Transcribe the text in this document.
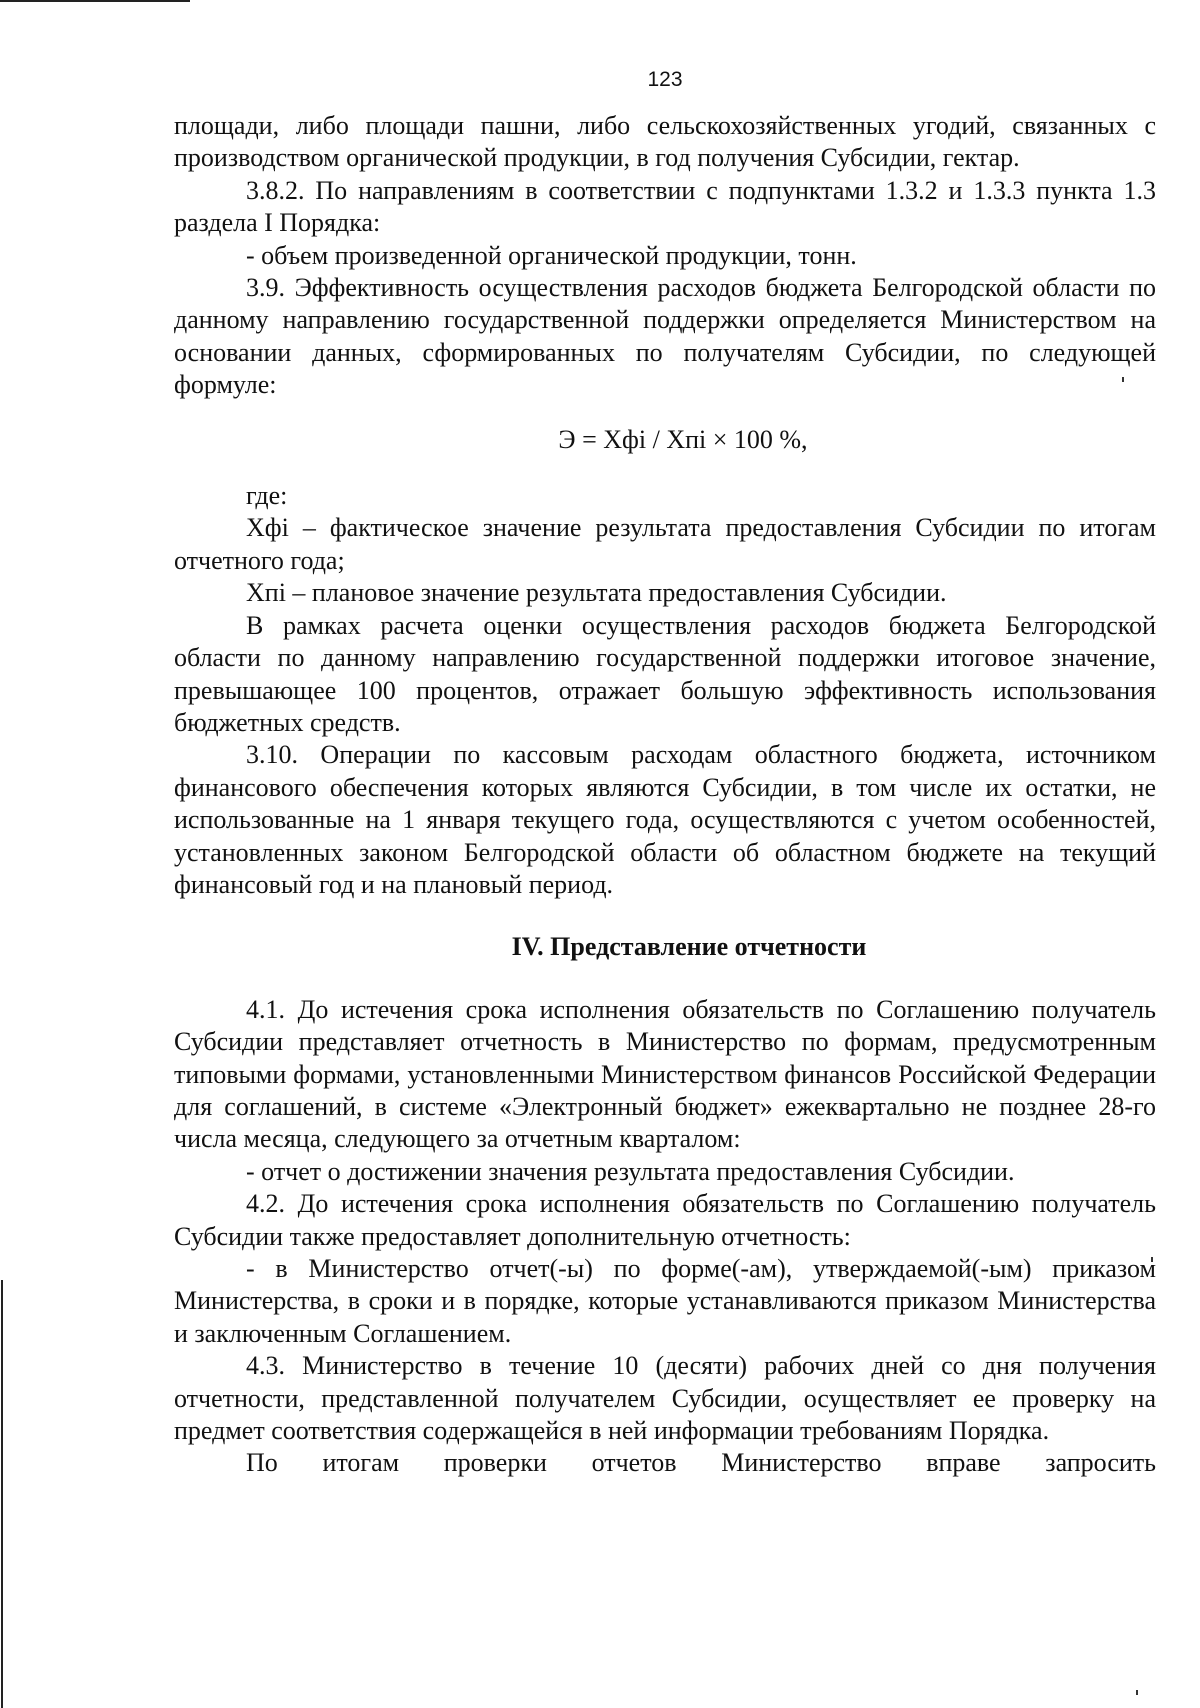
123

площади, либо площади пашни, либо сельскохозяйственных угодий, связанных с производством органической продукции, в год получения Субсидии, гектар.

3.8.2. По направлениям в соответствии с подпунктами 1.3.2 и 1.3.3 пункта 1.3 раздела I Порядка:

- объем произведенной органической продукции, тонн.

3.9. Эффективность осуществления расходов бюджета Белгородской области по данному направлению государственной поддержки определяется Министерством на основании данных, сформированных по получателям Субсидии, по следующей формуле:

Э = Хфi / Хпi × 100 %,

где:

Хфi – фактическое значение результата предоставления Субсидии по итогам отчетного года;

Хпi – плановое значение результата предоставления Субсидии.

В рамках расчета оценки осуществления расходов бюджета Белгородской области по данному направлению государственной поддержки итоговое значение, превышающее 100 процентов, отражает большую эффективность использования бюджетных средств.

3.10. Операции по кассовым расходам областного бюджета, источником финансового обеспечения которых являются Субсидии, в том числе их остатки, не использованные на 1 января текущего года, осуществляются с учетом особенностей, установленных законом Белгородской области об областном бюджете на текущий финансовый год и на плановый период.

IV. Представление отчетности

4.1. До истечения срока исполнения обязательств по Соглашению получатель Субсидии представляет отчетность в Министерство по формам, предусмотренным типовыми формами, установленными Министерством финансов Российской Федерации для соглашений, в системе «Электронный бюджет» ежеквартально не позднее 28-го числа месяца, следующего за отчетным кварталом:

- отчет о достижении значения результата предоставления Субсидии.

4.2. До истечения срока исполнения обязательств по Соглашению получатель Субсидии также предоставляет дополнительную отчетность:

- в Министерство отчет(-ы) по форме(-ам), утверждаемой(-ым) приказом Министерства, в сроки и в порядке, которые устанавливаются приказом Министерства и заключенным Соглашением.

4.3. Министерство в течение 10 (десяти) рабочих дней со дня получения отчетности, представленной получателем Субсидии, осуществляет ее проверку на предмет соответствия содержащейся в ней информации требованиям Порядка.

По итогам проверки отчетов Министерство вправе запросить
